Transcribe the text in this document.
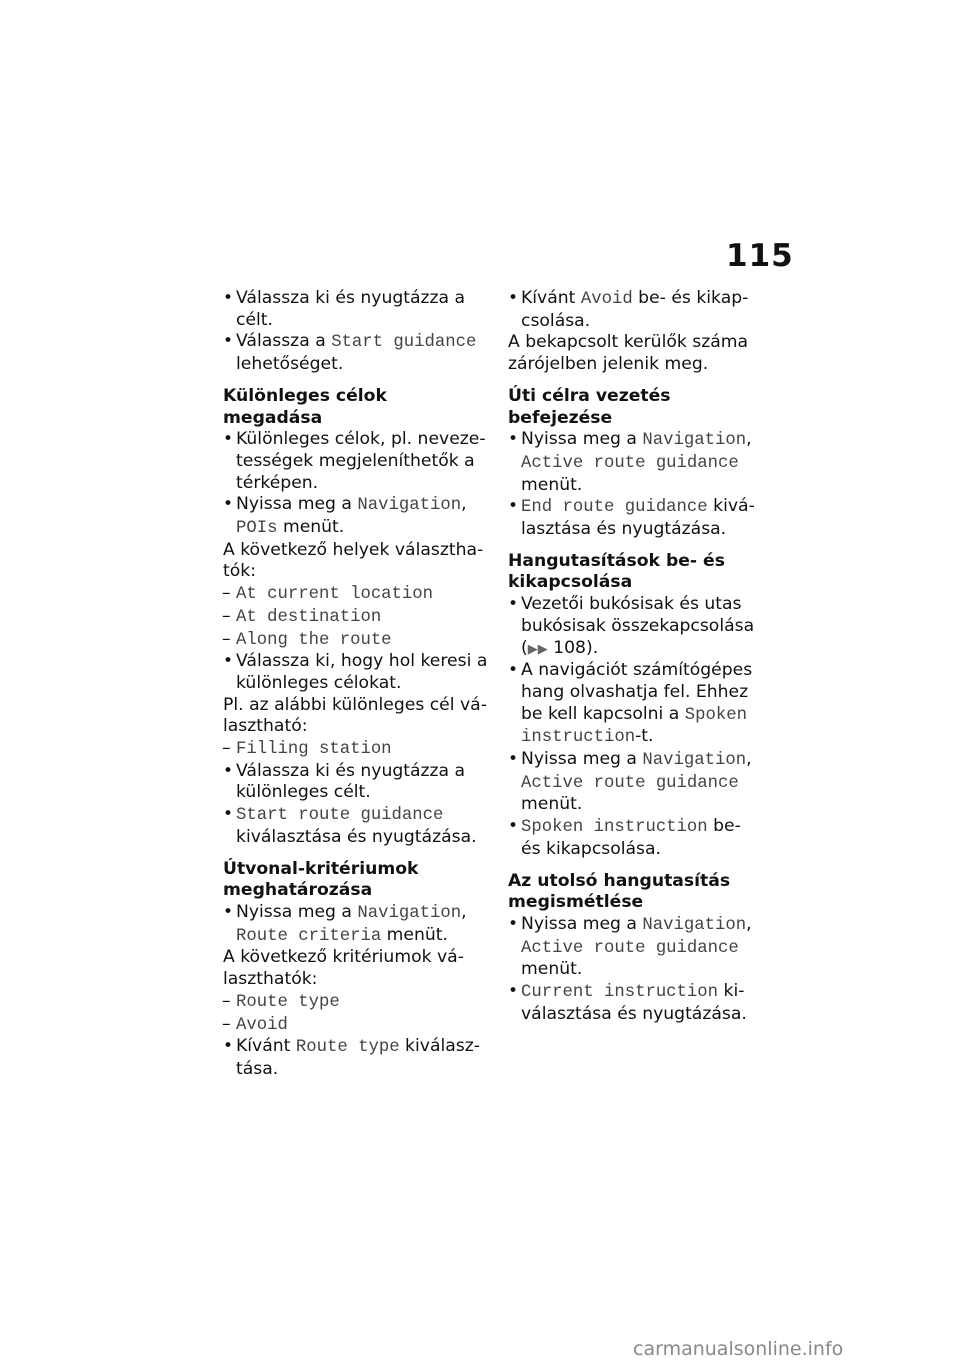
115
• Válassza ki és nyugtázza a
célt.
• Válassza a Start guidance
lehetőséget.
Különleges célok megadása
• Különleges célok, pl. neveze-
tességek megjeleníthetők a
térképen.
• Nyissa meg a Navigation,
POIs menüt.
A következő helyek választha-
tók:
– At current location
– At destination
– Along the route
• Válassza ki, hogy hol keresi a
különleges célokat.
Pl. az alábbi különleges cél vá-
lasztható:
– Filling station
• Válassza ki és nyugtázza a
különleges célt.
• Start route guidance
kiválasztása és nyugtázása.
Útvonal-kritériumok
meghatározása
• Nyissa meg a Navigation,
Route criteria menüt.
A következő kritériumok vá-
laszthatók:
– Route type
– Avoid
• Kívánt Route type kiválasz-
tása.
• Kívánt Avoid be- és kikap-
csolása.
A bekapcsolt kerülők száma
zárójelben jelenik meg.
Úti célra vezetés befejezése
• Nyissa meg a Navigation,
Active route guidance
menüt.
• End route guidance kivá-
lasztása és nyugtázása.
Hangutasítások be- és
kikapcsolása
• Vezetői bukósisak és utas
bukósisak összekapcsolása
(▶▶ 108).
• A navigációt számítógépes
hang olvashatja fel. Ehhez
be kell kapcsolni a Spoken
instruction-t.
• Nyissa meg a Navigation,
Active route guidance
menüt.
• Spoken instruction be-
és kikapcsolása.
Az utolsó hangutasítás
megismétlése
• Nyissa meg a Navigation,
Active route guidance
menüt.
• Current instruction ki-
választása és nyugtázása.
carmanualsonline.info
